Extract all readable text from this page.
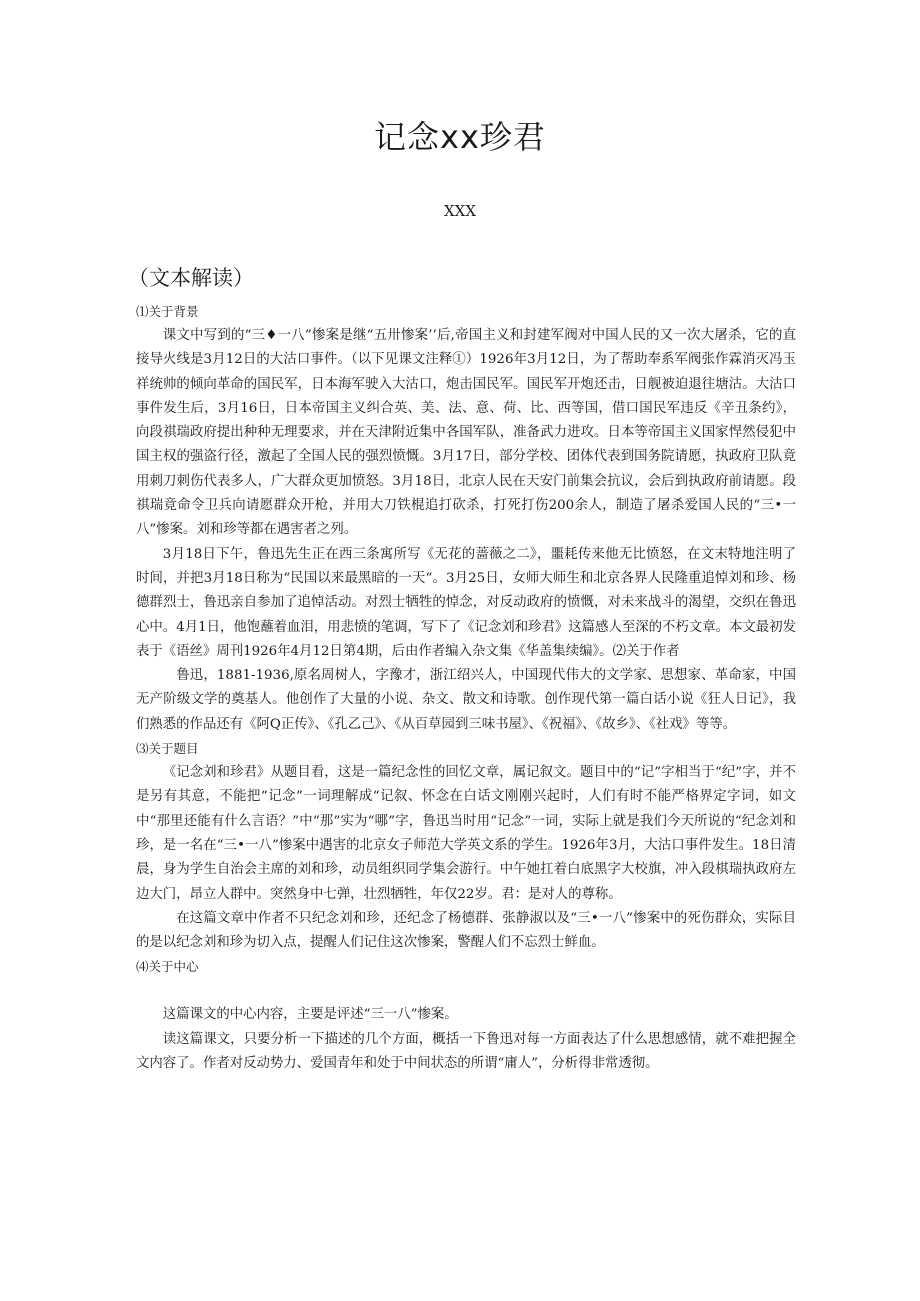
记念xx珍君
XXX
（文本解读）

⑴关于背景

课文中写到的“三♦一八”惨案是继“五卅惨案’’后,帝国主义和封建军阀对中国人民的又一次大屠杀，它的直接导火线是3月12日的大沽口事件。（以下见课文注释①）1926年3月12日，为了帮助奉系军阀张作霖消灭冯玉祥统帅的倾向革命的国民军，日本海军驶入大沽口，炮击国民军。国民军开炮还击，日舰被迫退往塘沽。大沽口事件发生后，3月16日，日本帝国主义纠合英、美、法、意、荷、比、西等国，借口国民军违反《辛丑条约》，向段祺瑞政府提出种种无理要求，并在天津附近集中各国军队，准备武力进攻。日本等帝国主义国家悍然侵犯中国主权的强盗行径，激起了全国人民的强烈愤慨。3月17日，部分学校、团体代表到国务院请愿，执政府卫队竟用刺刀刺伤代表多人，广大群众更加愤怒。3月18日，北京人民在天安门前集会抗议，会后到执政府前请愿。段祺瑞竟命令卫兵向请愿群众开枪，并用大刀铁棍追打砍杀，打死打伤200余人，制造了屠杀爱国人民的“三•一八”惨案。刘和珍等都在遇害者之列。

3月18日下午，鲁迅先生正在西三条寓所写《无花的蔷薇之二》，噩耗传来他无比愤怒，在文末特地注明了时间，并把3月18日称为“民国以来最黑暗的一天“。3月25日，女师大师生和北京各界人民隆重追悼刘和珍、杨德群烈士，鲁迅亲自参加了追悼活动。对烈士牺牲的悼念，对反动政府的愤慨，对未来战斗的渴望，交织在鲁迅心中。4月1日，他饱蘸着血泪，用悲愤的笔调，写下了《记念刘和珍君》这篇感人至深的不朽文章。本文最初发表于《语丝》周刊1926年4月12日第4期，后由作者编入杂文集《华盖集续编》。⑵关于作者

鲁迅，1881-1936,原名周树人，字豫才，浙江绍兴人，中国现代伟大的文学家、思想家、革命家，中国无产阶级文学的奠基人。他创作了大量的小说、杂文、散文和诗歌。创作现代第一篇白话小说《狂人日记》，我们熟悉的作品还有《阿Q正传》、《孔乙己》、《从百草园到三味书屋》、《祝福》、《故乡》、《社戏》等等。

⑶关于题目

《记念刘和珍君》从题目看，这是一篇纪念性的回忆文章，属记叙文。题目中的“记”字相当于“纪”字，并不是另有其意，不能把“记念”一词理解成“记叙、怀念在白话文刚刚兴起时，人们有时不能严格界定字词，如文中“那里还能有什么言语？”中“那”实为“哪”字，鲁迅当时用“记念”一词，实际上就是我们今天所说的“纪念刘和珍，是一名在“三•一八”惨案中遇害的北京女子师范大学英文系的学生。1926年3月，大沽口事件发生。18日清晨，身为学生自治会主席的刘和珍，动员组织同学集会游行。中午她扛着白底黑字大校旗，冲入段棋瑞执政府左边大门，昂立人群中。突然身中七弹，壮烈牺牲，年仅22岁。君：是对人的尊称。

在这篇文章中作者不只纪念刘和珍，还纪念了杨德群、张静淑以及“三•一八”惨案中的死伤群众，实际目的是以纪念刘和珍为切入点，提醒人们记住这次惨案，警醒人们不忘烈士鲜血。

⑷关于中心

这篇课文的中心内容，主要是评述“三一八”惨案。

读这篇课文，只要分析一下描述的几个方面，概括一下鲁迅对每一方面表达了什么思想感情，就不难把握全文内容了。作者对反动势力、爱国青年和处于中间状态的所谓“庸人”，分析得非常透彻。
